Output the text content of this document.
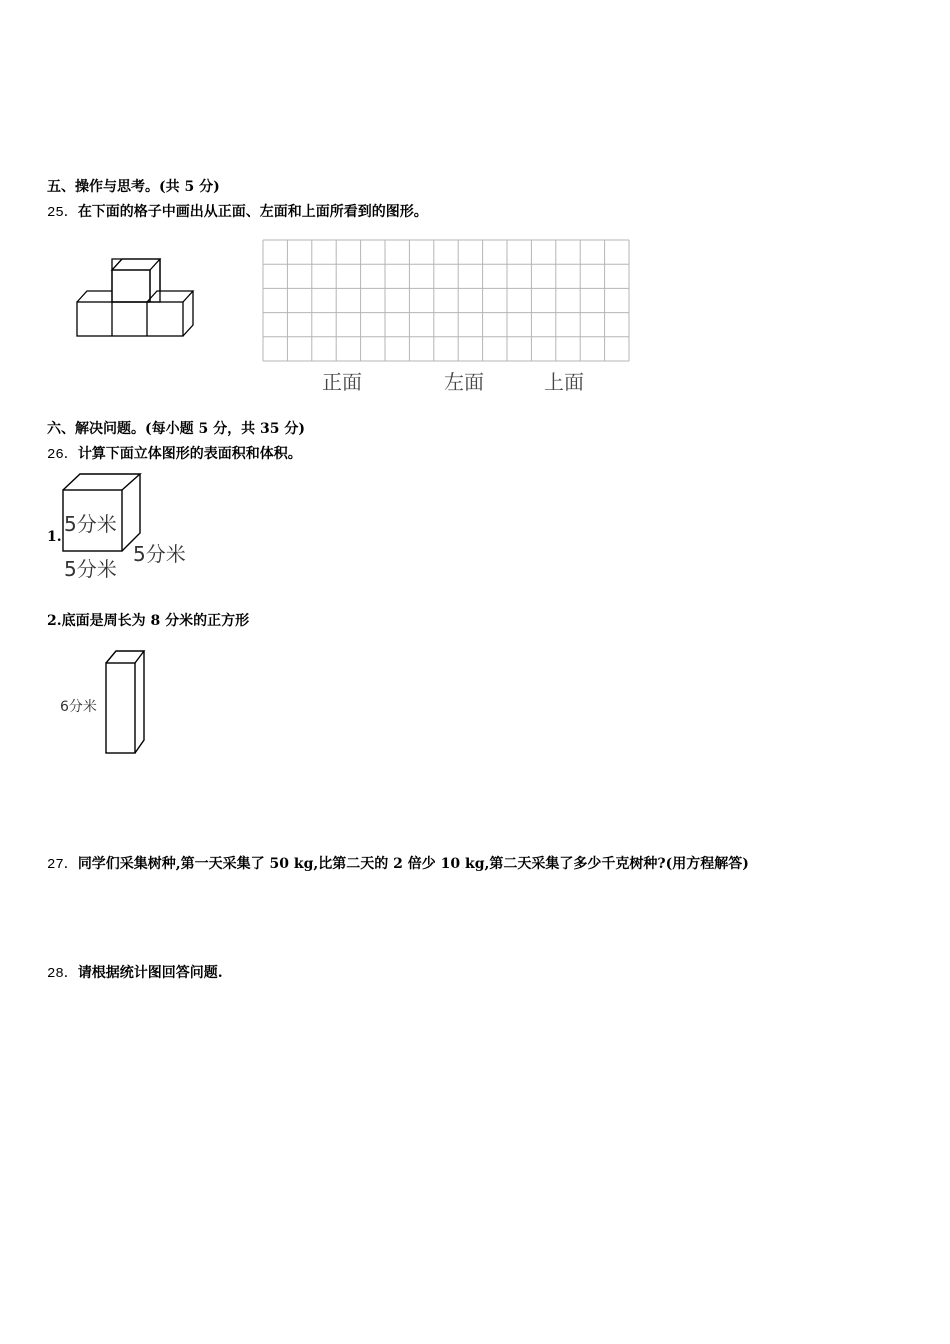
五、操作与思考。(共 5 分)
25．在下面的格子中画出从正面、左面和上面所看到的图形。
正面	左面	上面
六、解决问题。(每小题 5 分，共 35 分)
26．计算下面立体图形的表面积和体积。
1.
5分米
5分米
5分米
2.底面是周长为 8 分米的正方形
6分米
27．同学们采集树种,第一天采集了 50 kg,比第二天的 2 倍少 10 kg,第二天采集了多少千克树种?(用方程解答)
28．请根据统计图回答问题.
